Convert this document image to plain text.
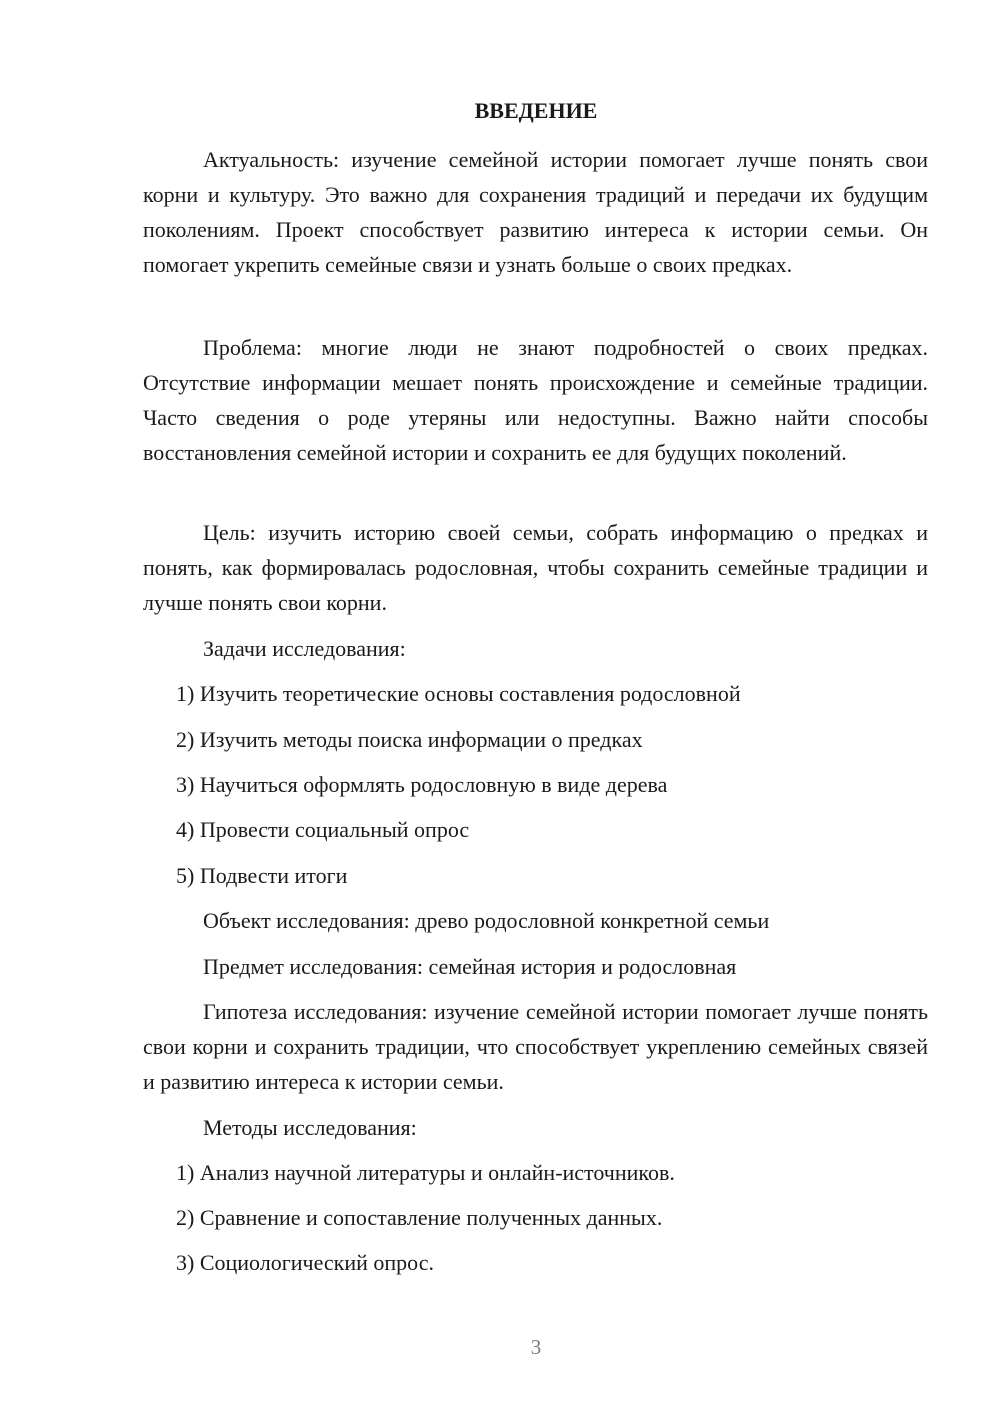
ВВЕДЕНИЕ

Актуальность: изучение семейной истории помогает лучше понять свои корни и культуру. Это важно для сохранения традиций и передачи их будущим поколениям. Проект способствует развитию интереса к истории семьи. Он помогает укрепить семейные связи и узнать больше о своих предках.

Проблема: многие люди не знают подробностей о своих предках. Отсутствие информации мешает понять происхождение и семейные традиции. Часто сведения о роде утеряны или недоступны. Важно найти способы восстановления семейной истории и сохранить ее для будущих поколений.

Цель: изучить историю своей семьи, собрать информацию о предках и понять, как формировалась родословная, чтобы сохранить семейные традиции и лучше понять свои корни.

Задачи исследования:

1) Изучить теоретические основы составления родословной

2) Изучить методы поиска информации о предках

3) Научиться оформлять родословную в виде дерева

4) Провести социальный опрос

5) Подвести итоги

Объект исследования: древо родословной конкретной семьи

Предмет исследования: семейная история и родословная

Гипотеза исследования: изучение семейной истории помогает лучше понять свои корни и сохранить традиции, что способствует укреплению семейных связей и развитию интереса к истории семьи.

Методы исследования:

1) Анализ научной литературы и онлайн-источников.

2) Сравнение и сопоставление полученных данных.

3) Социологический опрос.

3
